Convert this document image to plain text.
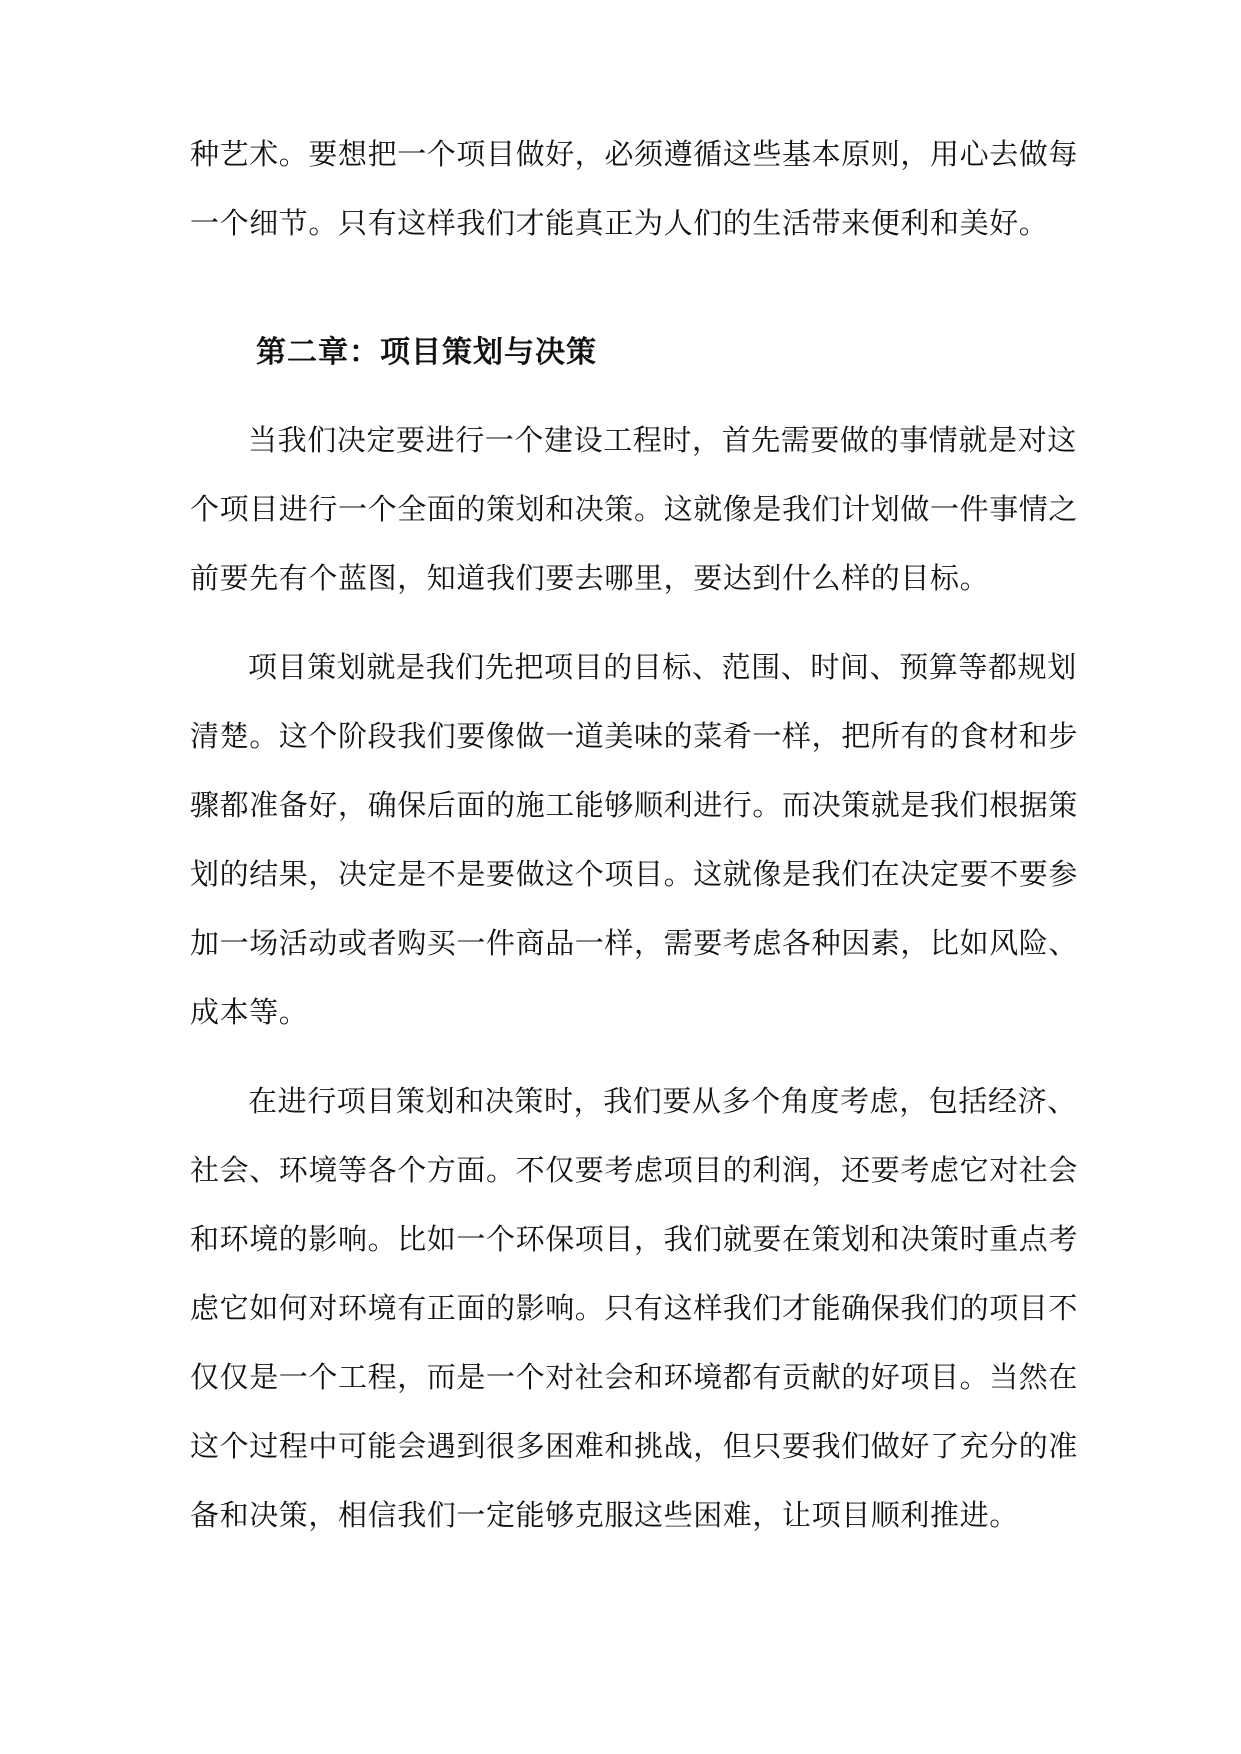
种艺术。要想把一个项目做好，必须遵循这些基本原则，用心去做每
一个细节。只有这样我们才能真正为人们的生活带来便利和美好。
第二章：项目策划与决策
当我们决定要进行一个建设工程时，首先需要做的事情就是对这
个项目进行一个全面的策划和决策。这就像是我们计划做一件事情之
前要先有个蓝图，知道我们要去哪里，要达到什么样的目标。
项目策划就是我们先把项目的目标、范围、时间、预算等都规划
清楚。这个阶段我们要像做一道美味的菜肴一样，把所有的食材和步
骤都准备好，确保后面的施工能够顺利进行。而决策就是我们根据策
划的结果，决定是不是要做这个项目。这就像是我们在决定要不要参
加一场活动或者购买一件商品一样，需要考虑各种因素，比如风险、
成本等。
在进行项目策划和决策时，我们要从多个角度考虑，包括经济、
社会、环境等各个方面。不仅要考虑项目的利润，还要考虑它对社会
和环境的影响。比如一个环保项目，我们就要在策划和决策时重点考
虑它如何对环境有正面的影响。只有这样我们才能确保我们的项目不
仅仅是一个工程，而是一个对社会和环境都有贡献的好项目。当然在
这个过程中可能会遇到很多困难和挑战，但只要我们做好了充分的准
备和决策，相信我们一定能够克服这些困难，让项目顺利推进。
